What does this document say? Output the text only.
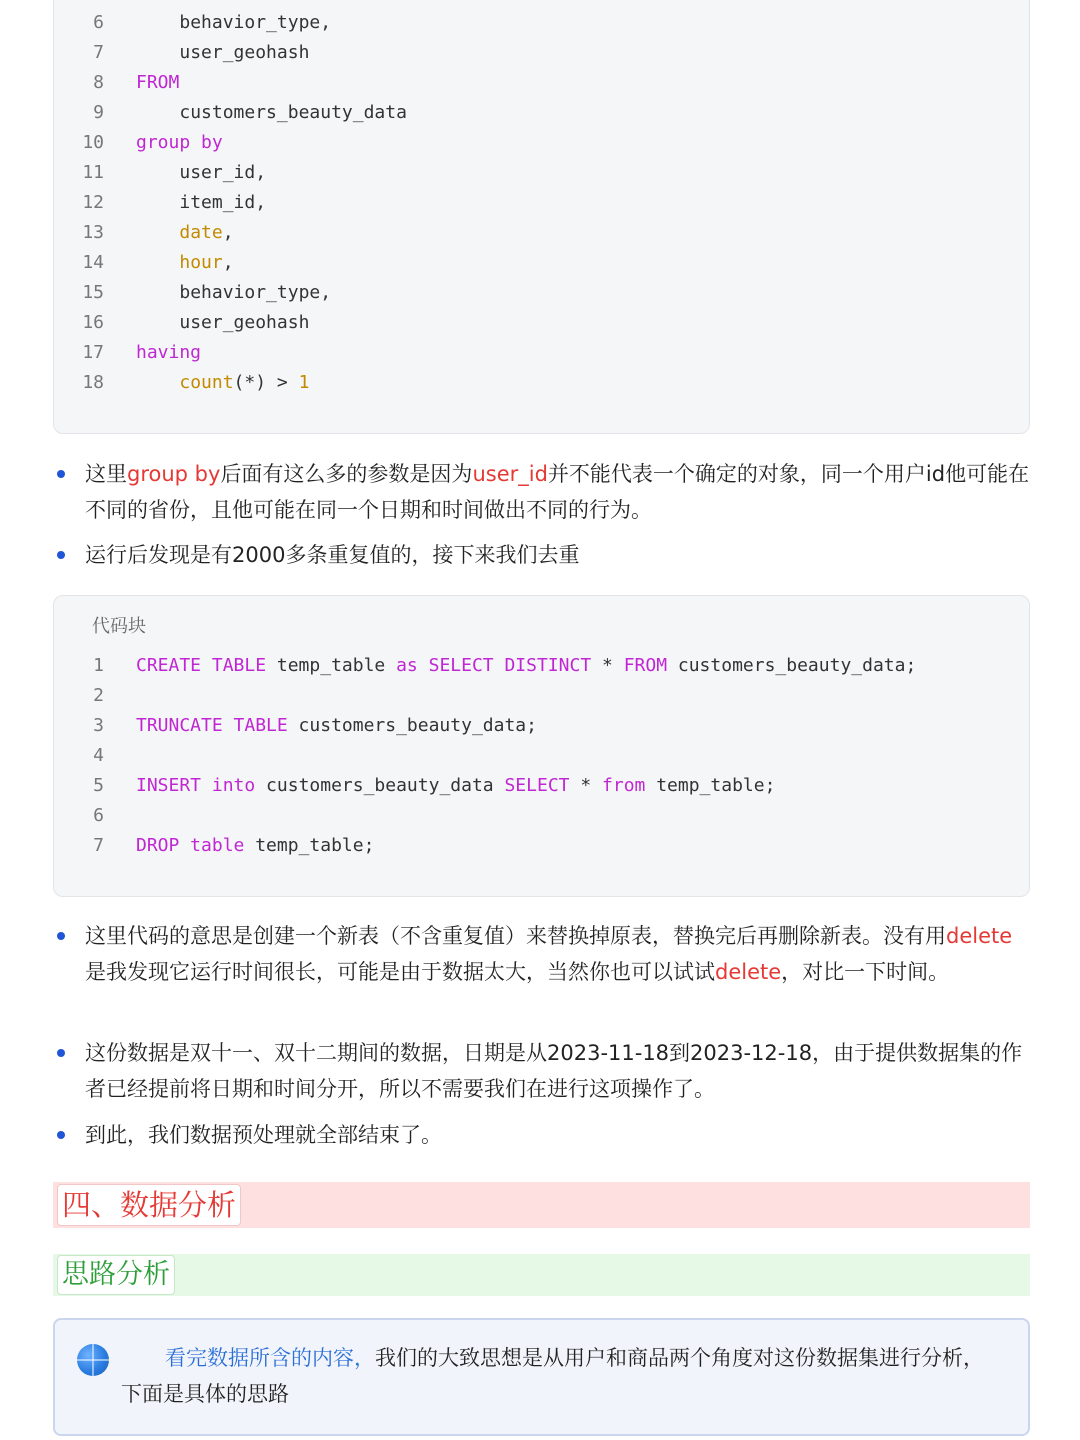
6	behavior_type,
7	user_geohash
8 FROM
9	customers_beauty_data
10 group by
11	user_id,
12	item_id,
13	date,
14	hour,
15	behavior_type,
16	user_geohash
17 having
18	count(*) > 1
这里group by后面有这么多的参数是因为user_id并不能代表一个确定的对象，同一个用户id他可能在不同的省份，且他可能在同一个日期和时间做出不同的行为。
运行后发现是有2000多条重复值的，接下来我们去重
代码块
1 CREATE TABLE temp_table as SELECT DISTINCT * FROM customers_beauty_data;
2
3 TRUNCATE TABLE customers_beauty_data;
4
5 INSERT into customers_beauty_data SELECT * from temp_table;
6
7 DROP table temp_table;
这里代码的意思是创建一个新表（不含重复值）来替换掉原表，替换完后再删除新表。没有用delete是我发现它运行时间很长，可能是由于数据太大，当然你也可以试试delete，对比一下时间。
这份数据是双十一、双十二期间的数据，日期是从2023-11-18到2023-12-18，由于提供数据集的作者已经提前将日期和时间分开，所以不需要我们在进行这项操作了。
到此，我们数据预处理就全部结束了。
四、数据分析
思路分析
看完数据所含的内容，我们的大致思想是从用户和商品两个角度对这份数据集进行分析，下面是具体的思路
